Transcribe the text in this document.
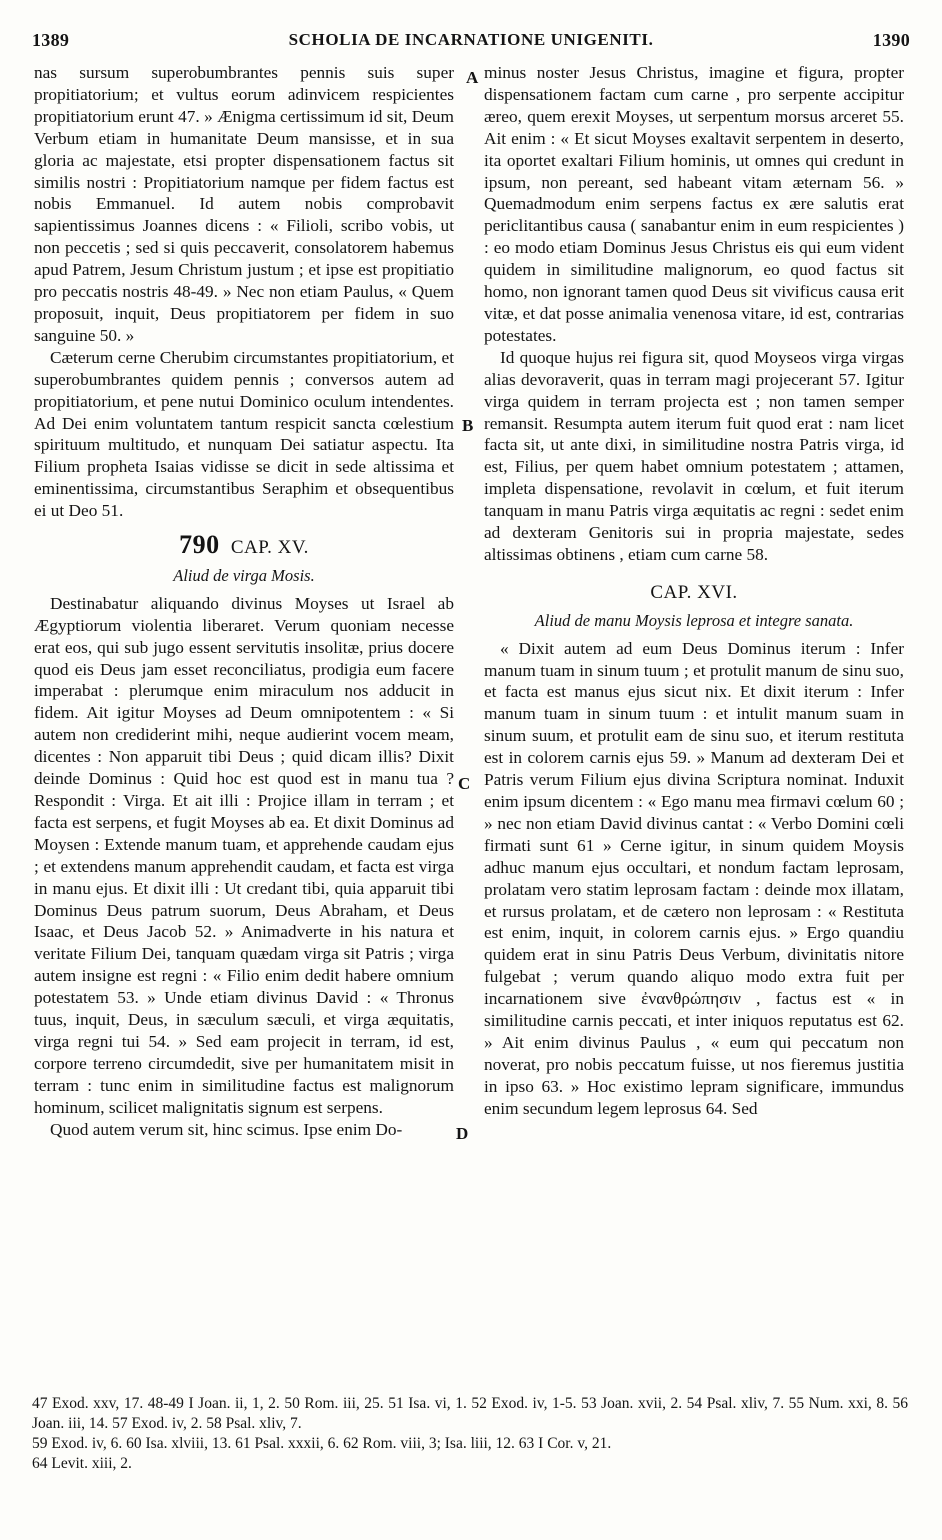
1389	SCHOLIA DE INCARNATIONE UNIGENITI.	1390

nas sursum superobumbrantes pennis suis super propitiatorium; et vultus eorum adinvicem respicientes propitiatorium erunt 47. » Ænigma certissimum id sit, Deum Verbum etiam in humanitate Deum mansisse, et in sua gloria ac majestate, etsi propter dispensationem factus sit similis nostri : Propitiatorium namque per fidem factus est nobis Emmanuel. Id autem nobis comprobavit sapientissimus Joannes dicens : « Filioli, scribo vobis, ut non peccetis ; sed si quis peccaverit, consolatorem habemus apud Patrem, Jesum Christum justum ; et ipse est propitiatio pro peccatis nostris 48-49. » Nec non etiam Paulus, « Quem proposuit, inquit, Deus propitiatorem per fidem in suo sanguine 50. »

Cæterum cerne Cherubim circumstantes propitiatorium, et superobumbrantes quidem pennis ; conversos autem ad propitiatorium, et pene nutui Dominico oculum intendentes. Ad Dei enim voluntatem tantum respicit sancta cœlestium spirituum multitudo, et nunquam Dei satiatur aspectu. Ita Filium propheta Isaias vidisse se dicit in sede altissima et eminentissima, circumstantibus Seraphim et obsequentibus ei ut Deo 51.

790 CAP. XV.
Aliud de virga Mosis.

Destinabatur aliquando divinus Moyses ut Israel ab Ægyptiorum violentia liberaret. Verum quoniam necesse erat eos, qui sub jugo essent servitutis insolitæ, prius docere quod eis Deus jam esset reconciliatus, prodigia eum facere imperabat : plerumque enim miraculum nos adducit in fidem. Ait igitur Moyses ad Deum omnipotentem : « Si autem non crediderint mihi, neque audierint vocem meam, dicentes : Non apparuit tibi Deus ; quid dicam illis? Dixit deinde Dominus : Quid hoc est quod est in manu tua ? Respondit : Virga. Et ait illi : Projice illam in terram ; et facta est serpens, et fugit Moyses ab ea. Et dixit Dominus ad Moysen : Extende manum tuam, et apprehende caudam ejus ; et extendens manum apprehendit caudam, et facta est virga in manu ejus. Et dixit illi : Ut credant tibi, quia apparuit tibi Dominus Deus patrum suorum, Deus Abraham, et Deus Isaac, et Deus Jacob 52. » Animadverte in his natura et veritate Filium Dei, tanquam quædam virga sit Patris ; virga autem insigne est regni : « Filio enim dedit habere omnium potestatem 53. » Unde etiam divinus David : « Thronus tuus, inquit, Deus, in sæculum sæculi, et virga æquitatis, virga regni tui 54. » Sed eam projecit in terram, id est, corpore terreno circumdedit, sive per humanitatem misit in terram : tunc enim in similitudine factus est malignorum hominum, scilicet malignitatis signum est serpens.

Quod autem verum sit, hinc scimus. Ipse enim Do-

minus noster Jesus Christus, imagine et figura, propter dispensationem factam cum carne , pro serpente accipitur æreo, quem erexit Moyses, ut serpentum morsus arceret 55. Ait enim : « Et sicut Moyses exaltavit serpentem in deserto, ita oportet exaltari Filium hominis, ut omnes qui credunt in ipsum, non pereant, sed habeant vitam æternam 56. » Quemadmodum enim serpens factus ex ære salutis erat periclitantibus causa ( sanabantur enim in eum respicientes ) : eo modo etiam Dominus Jesus Christus eis qui eum vident quidem in similitudine malignorum, eo quod factus sit homo, non ignorant tamen quod Deus sit vivificus causa erit vitæ, et dat posse animalia venenosa vitare, id est, contrarias potestates.

Id quoque hujus rei figura sit, quod Moyseos virga virgas alias devoraverit, quas in terram magi projecerant 57. Igitur virga quidem in terram projecta est ; non tamen semper remansit. Resumpta autem iterum fuit quod erat : nam licet facta sit, ut ante dixi, in similitudine nostra Patris virga, id est, Filius, per quem habet omnium potestatem ; attamen, impleta dispensatione, revolavit in cœlum, et fuit iterum tanquam in manu Patris virga æquitatis ac regni : sedet enim ad dexteram Genitoris sui in propria majestate, sedes altissimas obtinens , etiam cum carne 58.

CAP. XVI.
Aliud de manu Moysis leprosa et integre sanata.

« Dixit autem ad eum Deus Dominus iterum : Infer manum tuam in sinum tuum ; et protulit manum de sinu suo, et facta est manus ejus sicut nix. Et dixit iterum : Infer manum tuam in sinum tuum : et intulit manum suam in sinum suum, et protulit eam de sinu suo, et iterum restituta est in colorem carnis ejus 59. » Manum ad dexteram Dei et Patris verum Filium ejus divina Scriptura nominat. Induxit enim ipsum dicentem : « Ego manu mea firmavi cœlum 60 ; » nec non etiam David divinus cantat : « Verbo Domini cœli firmati sunt 61 » Cerne igitur, in sinum quidem Moysis adhuc manum ejus occultari, et nondum factam leprosam, prolatam vero statim leprosam factam : deinde mox illatam, et rursus prolatam, et de cætero non leprosam : « Restituta est enim, inquit, in colorem carnis ejus. » Ergo quandiu quidem erat in sinu Patris Deus Verbum, divinitatis nitore fulgebat ; verum quando aliquo modo extra fuit per incarnationem sive ἐνανθρώπησιν , factus est « in similitudine carnis peccati, et inter iniquos reputatus est 62. » Ait enim divinus Paulus , « eum qui peccatum non noverat, pro nobis peccatum fuisse, ut nos fieremus justitia in ipso 63. » Hoc existimo lepram significare, immundus enim secundum legem leprosus 64. Sed

A
B
C
D
47 Exod. xxv, 17. 48-49 I Joan. ii, 1, 2. 50 Rom. iii, 25. 51 Isa. vi, 1. 52 Exod. iv, 1-5. 53 Joan. xvii, 2. 54 Psal. xliv, 7. 55 Num. xxi, 8. 56 Joan. iii, 14. 57 Exod. iv, 2. 58 Psal. xliv, 7.
59 Exod. iv, 6. 60 Isa. xlviii, 13. 61 Psal. xxxii, 6. 62 Rom. viii, 3; Isa. liii, 12. 63 I Cor. v, 21.
64 Levit. xiii, 2.
